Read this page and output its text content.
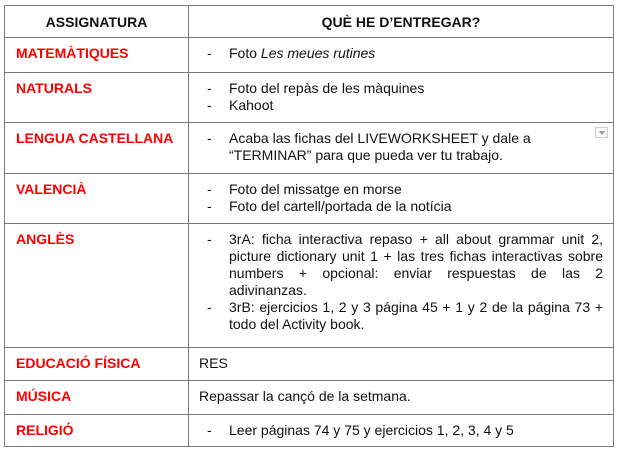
ASSIGNATURA	QUÈ HE D’ENTREGAR?
MATEMÀTIQUES	- Foto Les meues rutines

NATURALS	- Foto del repàs de les màquines
- Kahoot

LENGUA CASTELLANA	- Acaba las fichas del LIVEWORKSHEET y dale a “TERMINAR” para que pueda ver tu trabajo.

VALENCIÀ	- Foto del missatge en morse
- Foto del cartell/portada de la notícia

ANGLÈS	- 3rA: ficha interactiva repaso + all about grammar unit 2, picture dictionary unit 1 + las tres fichas interactivas sobre numbers + opcional: enviar respuestas de las 2 adivinanzas.
- 3rB: ejercicios 1, 2 y 3 página 45 + 1 y 2 de la página 73 + todo del Activity book.

EDUCACIÓ FÍSICA	RES

MÚSICA	Repassar la cançó de la setmana.

RELIGIÓ	- Leer páginas 74 y 75 y ejercicios 1, 2, 3, 4 y 5
